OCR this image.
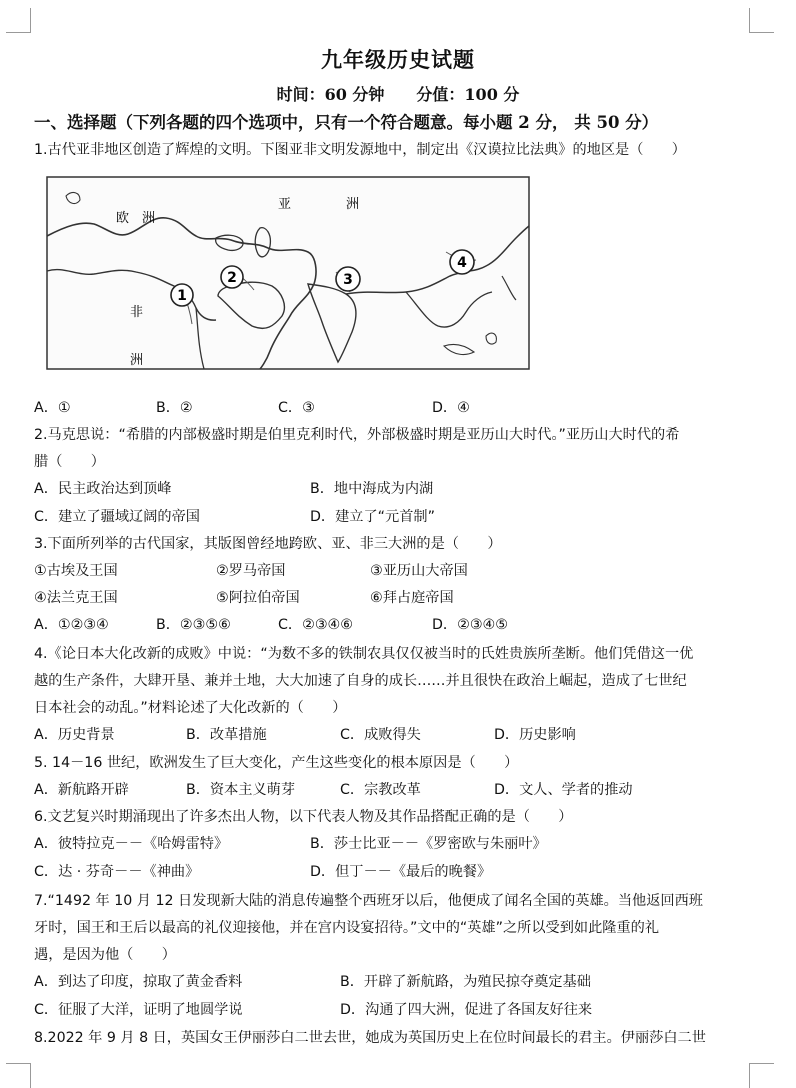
九年级历史试题
时间：60 分钟 分值：100 分
一、选择题（下列各题的四个选项中，只有一个符合题意。每小题 2 分， 共 50 分）
1.古代亚非地区创造了辉煌的文明。下图亚非文明发源地中，制定出《汉谟拉比法典》的地区是（　　）
欧　洲
亚	洲
非
洲
1
2	3
4
A．①	B．②	C．③	D．④
2.马克思说：“希腊的内部极盛时期是伯里克利时代，外部极盛时期是亚历山大时代。”亚历山大时代的希
腊（　　）
A．民主政治达到顶峰	B．地中海成为内湖
C．建立了疆域辽阔的帝国	D．建立了“元首制”
3.下面所列举的古代国家，其版图曾经地跨欧、亚、非三大洲的是（　　）
①古埃及王国	②罗马帝国	③亚历山大帝国
④法兰克王国	⑤阿拉伯帝国	⑥拜占庭帝国
A．①②③④	B．②③⑤⑥	C．②③④⑥	D．②③④⑤
4.《论日本大化改新的成败》中说：“为数不多的铁制农具仅仅被当时的氏姓贵族所垄断。他们凭借这一优
越的生产条件，大肆开垦、兼并土地，大大加速了自身的成长……并且很快在政治上崛起，造成了七世纪
日本社会的动乱。”材料论述了大化改新的（　　）
A．历史背景	B．改革措施	C．成败得失	D．历史影响
5. 14－16 世纪，欧洲发生了巨大变化，产生这些变化的根本原因是（　　）
A．新航路开辟	B．资本主义萌芽	C．宗教改革	D．文人、学者的推动
6.文艺复兴时期涌现出了许多杰出人物，以下代表人物及其作品搭配正确的是（　　）
A．彼特拉克－－《哈姆雷特》	B．莎士比亚－－《罗密欧与朱丽叶》
C．达 · 芬奇－－《神曲》	D．但丁－－《最后的晚餐》
7.“1492 年 10 月 12 日发现新大陆的消息传遍整个西班牙以后，他便成了闻名全国的英雄。当他返回西班
牙时，国王和王后以最高的礼仪迎接他，并在宫内设宴招待。”文中的“英雄”之所以受到如此隆重的礼
遇，是因为他（　　）
A．到达了印度，掠取了黄金香料	B．开辟了新航路，为殖民掠夺奠定基础
C．征服了大洋，证明了地圆学说	D．沟通了四大洲，促进了各国友好往来
8.2022 年 9 月 8 日，英国女王伊丽莎白二世去世，她成为英国历史上在位时间最长的君主。伊丽莎白二世
